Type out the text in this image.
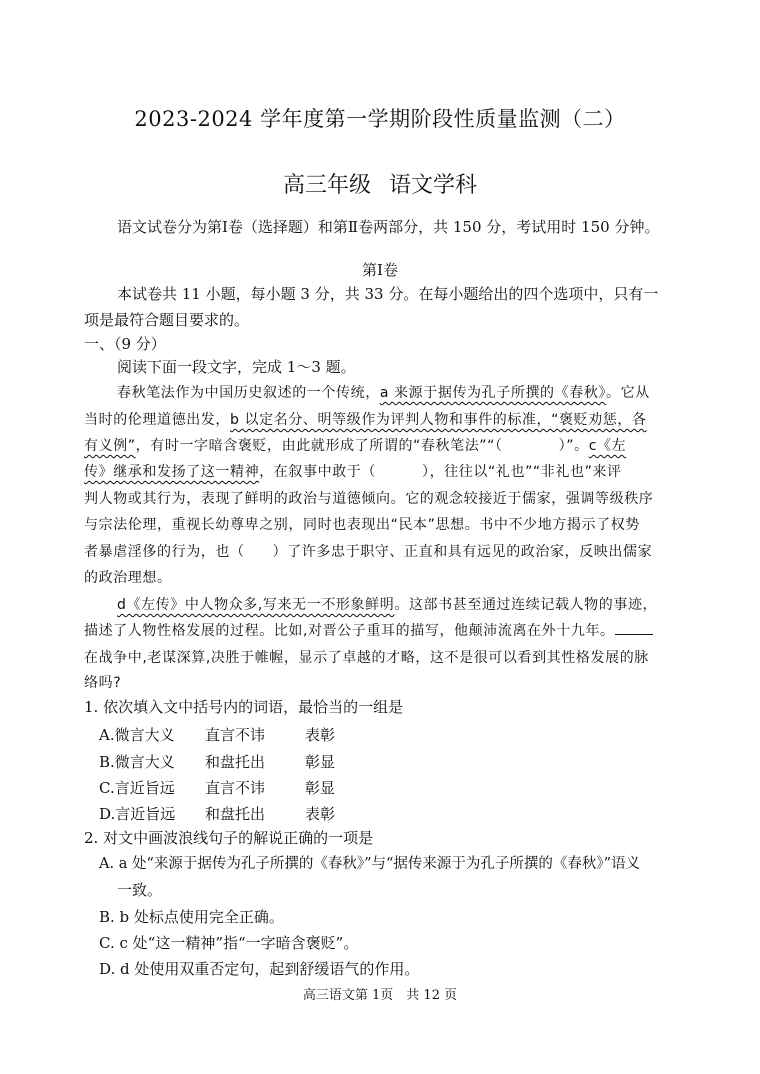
2023-2024 学年度第一学期阶段性质量监测（二）
高三年级 语文学科
语文试卷分为第Ⅰ卷（选择题）和第Ⅱ卷两部分，共 150 分，考试用时 150 分钟。
第Ⅰ卷
本试卷共 11 小题，每小题 3 分，共 33 分。在每小题给出的四个选项中，只有一
项是最符合题目要求的。
一、（9 分）
阅读下面一段文字，完成 1～3 题。
春秋笔法作为中国历史叙述的一个传统，a 来源于据传为孔子所撰的《春秋》。它从
当时的伦理道德出发，b 以定名分、明等级作为评判人物和事件的标准，“褒贬劝惩，各
有义例”，有时一字暗含褒贬，由此就形成了所谓的“春秋笔法”“（	）”。c《左
传》继承和发扬了这一精神，在叙事中敢于（	），往往以“礼也”“非礼也”来评
判人物或其行为，表现了鲜明的政治与道德倾向。它的观念较接近于儒家，强调等级秩序
与宗法伦理，重视长幼尊卑之别，同时也表现出“民本”思想。书中不少地方揭示了权势
者暴虐淫侈的行为，也（ ）了许多忠于职守、正直和具有远见的政治家，反映出儒家
的政治理想。
d《左传》中人物众多,写来无一不形象鲜明。这部书甚至通过连续记载人物的事迹，
描述了人物性格发展的过程。比如,对晋公子重耳的描写，他颠沛流离在外十九年。
在战争中,老谋深算,决胜于帷幄，显示了卓越的才略，这不是很可以看到其性格发展的脉
络吗?
1. 依次填入文中括号内的词语，最恰当的一组是
A.微言大义 直言不讳	表彰
B.微言大义 和盘托出	彰显
C.言近旨远 直言不讳	彰显
D.言近旨远 和盘托出	表彰
2. 对文中画波浪线句子的解说正确的一项是
A. a 处“来源于据传为孔子所撰的《春秋》”与“据传来源于为孔子所撰的《春秋》”语义
一致。
B. b 处标点使用完全正确。
C. c 处“这一精神”指“一字暗含褒贬”。
D. d 处使用双重否定句，起到舒缓语气的作用。
高三语文第 1页　共 12 页
